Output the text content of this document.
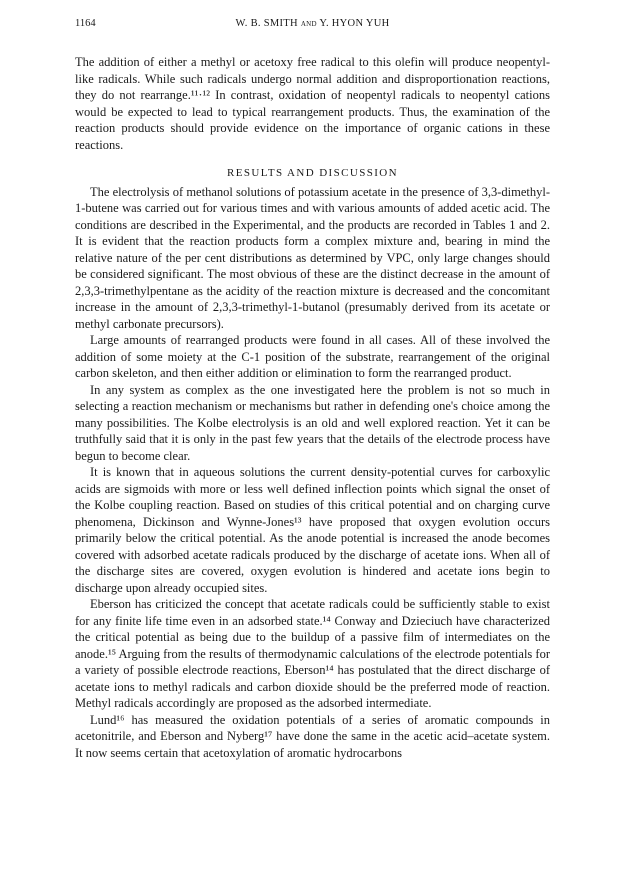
1164	W. B. SMITH and Y. HYON YUH

The addition of either a methyl or acetoxy free radical to this olefin will produce neopentyl-like radicals. While such radicals undergo normal addition and disproportionation reactions, they do not rearrange.¹¹·¹² In contrast, oxidation of neopentyl radicals to neopentyl cations would be expected to lead to typical rearrangement products. Thus, the examination of the reaction products should provide evidence on the importance of organic cations in these reactions.

RESULTS AND DISCUSSION

The electrolysis of methanol solutions of potassium acetate in the presence of 3,3-dimethyl-1-butene was carried out for various times and with various amounts of added acetic acid. The conditions are described in the Experimental, and the products are recorded in Tables 1 and 2. It is evident that the reaction products form a complex mixture and, bearing in mind the relative nature of the per cent distributions as determined by VPC, only large changes should be considered significant. The most obvious of these are the distinct decrease in the amount of 2,3,3-trimethylpentane as the acidity of the reaction mixture is decreased and the concomitant increase in the amount of 2,3,3-trimethyl-1-butanol (presumably derived from its acetate or methyl carbonate precursors).

Large amounts of rearranged products were found in all cases. All of these involved the addition of some moiety at the C-1 position of the substrate, rearrangement of the original carbon skeleton, and then either addition or elimination to form the rearranged product.

In any system as complex as the one investigated here the problem is not so much in selecting a reaction mechanism or mechanisms but rather in defending one's choice among the many possibilities. The Kolbe electrolysis is an old and well explored reaction. Yet it can be truthfully said that it is only in the past few years that the details of the electrode process have begun to become clear.

It is known that in aqueous solutions the current density-potential curves for carboxylic acids are sigmoids with more or less well defined inflection points which signal the onset of the Kolbe coupling reaction. Based on studies of this critical potential and on charging curve phenomena, Dickinson and Wynne-Jones¹³ have proposed that oxygen evolution occurs primarily below the critical potential. As the anode potential is increased the anode becomes covered with adsorbed acetate radicals produced by the discharge of acetate ions. When all of the discharge sites are covered, oxygen evolution is hindered and acetate ions begin to discharge upon already occupied sites.

Eberson has criticized the concept that acetate radicals could be sufficiently stable to exist for any finite life time even in an adsorbed state.¹⁴ Conway and Dzieciuch have characterized the critical potential as being due to the buildup of a passive film of intermediates on the anode.¹⁵ Arguing from the results of thermodynamic calculations of the electrode potentials for a variety of possible electrode reactions, Eberson¹⁴ has postulated that the direct discharge of acetate ions to methyl radicals and carbon dioxide should be the preferred mode of reaction. Methyl radicals accordingly are proposed as the adsorbed intermediate.

Lund¹⁶ has measured the oxidation potentials of a series of aromatic compounds in acetonitrile, and Eberson and Nyberg¹⁷ have done the same in the acetic acid–acetate system. It now seems certain that acetoxylation of aromatic hydrocarbons
